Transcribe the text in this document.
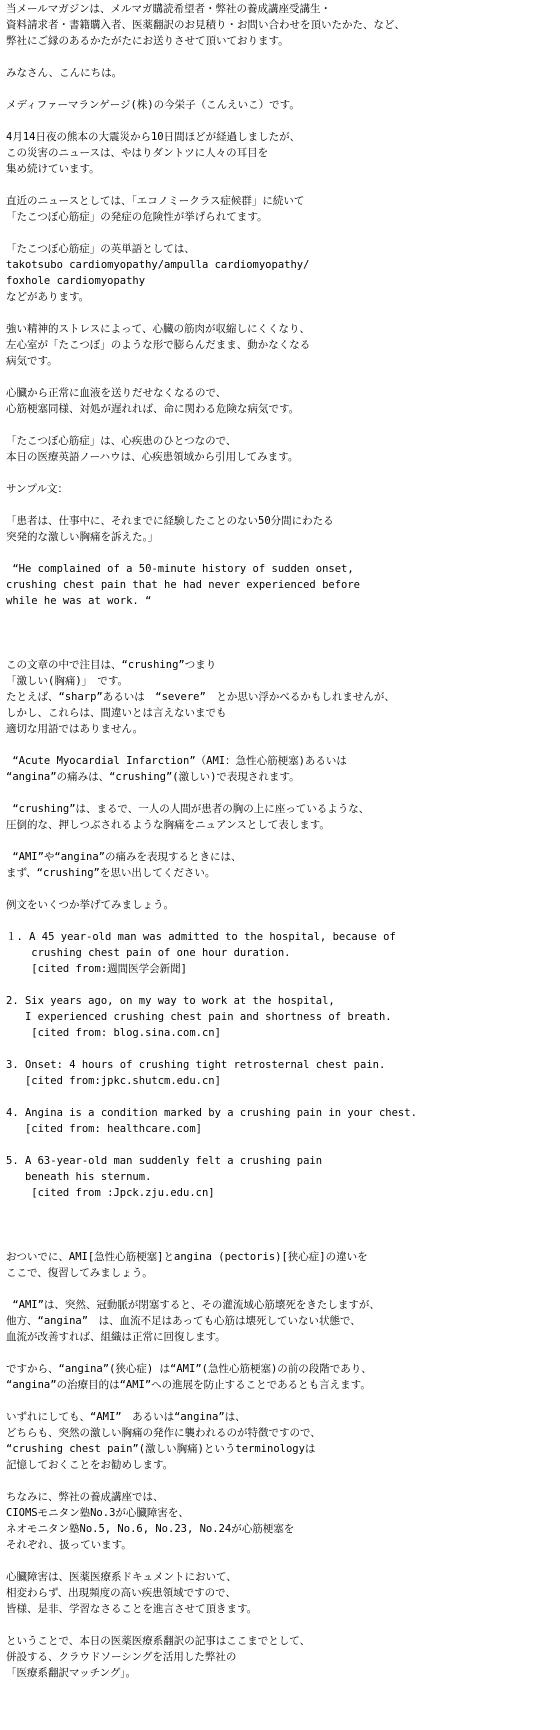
当メールマガジンは、メルマガ購読希望者・弊社の養成講座受講生・
資料請求者・書籍購入者、医薬翻訳のお見積り・お問い合わせを頂いたかた、など、
弊社にご縁のあるかたがたにお送りさせて頂いております。
みなさん、こんにちは。
メディファーマランゲージ(株)の今栄子（こんえいこ）です。
4月14日夜の熊本の大震災から10日間ほどが経過しましたが、
この災害のニュースは、やはりダントツに人々の耳目を
集め続けています。
直近のニュースとしては、「エコノミークラス症候群」に続いて
「たこつぼ心筋症」の発症の危険性が挙げられてます。
「たこつぼ心筋症」の英単語としては、
takotsubo cardiomyopathy/ampulla cardiomyopathy/
foxhole cardiomyopathy
などがあります。
強い精神的ストレスによって、心臓の筋肉が収縮しにくくなり、
左心室が「たこつぼ」のような形で膨らんだまま、動かなくなる
病気です。
心臓から正常に血液を送りだせなくなるので、
心筋梗塞同様、対処が遅れれば、命に関わる危険な病気です。
「たこつぼ心筋症」は、心疾患のひとつなので、
本日の医療英語ノーハウは、心疾患領域から引用してみます。
サンプル文：
「患者は、仕事中に、それまでに経験したことのない50分間にわたる
突発的な激しい胸痛を訴えた。」
“He complained of a 50-minute history of sudden onset,
crushing chest pain that he had never experienced before
while he was at work. “
この文章の中で注目は、“crushing”つまり
「激しい(胸痛)」　です。
たとえば、“sharp”あるいは　“severe”　とか思い浮かべるかもしれませんが、
しかし、これらは、間違いとは言えないまでも
適切な用語ではありません。
“Acute Myocardial Infarction”（AMI：急性心筋梗塞)あるいは
“angina”の痛みは、“crushing”(激しい)で表現されます。
“crushing”は、まるで、一人の人間が患者の胸の上に座っているような、
圧倒的な、押しつぶされるような胸痛をニュアンスとして表します。
“AMI”や“angina”の痛みを表現するときには、
まず、“crushing”を思い出してください。
例文をいくつか挙げてみましょう。
１. A 45 year-old man was admitted to the hospital, because of
crushing chest pain of one hour duration.
[cited from:週間医学会新聞]
2. Six years ago, on my way to work at the hospital,
I experienced crushing chest pain and shortness of breath.
[cited from: blog.sina.com.cn]
3. Onset: 4 hours of crushing tight retrosternal chest pain.
[cited from:jpkc.shutcm.edu.cn]
4. Angina is a condition marked by a crushing pain in your chest.
[cited from: healthcare.com]
5. A 63-year-old man suddenly felt a crushing pain
beneath his sternum.
[cited from :Jpck.zju.edu.cn]
おついでに、AMI[急性心筋梗塞]とangina (pectoris)[狭心症]の違いを
ここで、復習してみましょう。
“AMI”は、突然、冠動脈が閉塞すると、その灌流域心筋壊死をきたしますが、
他方、“angina”　は、血流不足はあっても心筋は壊死していない状態で、
血流が改善すれば、組織は正常に回復します。
ですから、“angina”(狭心症) は“AMI”(急性心筋梗塞)の前の段階であり、
“angina”の治療目的は“AMI”への進展を防止することであるとも言えます。
いずれにしても、“AMI”　あるいは“angina”は、
どちらも、突然の激しい胸痛の発作に襲われるのが特徴ですので、
“crushing chest pain”(激しい胸痛)というterminologyは
記憶しておくことをお勧めします。
ちなみに、弊社の養成講座では、
CIOMSモニタン塾No.3が心臓障害を、
ネオモニタン塾No.5, No.6, No.23, No.24が心筋梗塞を
それぞれ、扱っています。
心臓障害は、医薬医療系ドキュメントにおいて、
相変わらず、出現頻度の高い疾患領域ですので、
皆様、是非、学習なさることを進言させて頂きます。
ということで、本日の医薬医療系翻訳の記事はここまでとして、
併設する、クラウドソーシングを活用した弊社の
「医療系翻訳マッチング」。
